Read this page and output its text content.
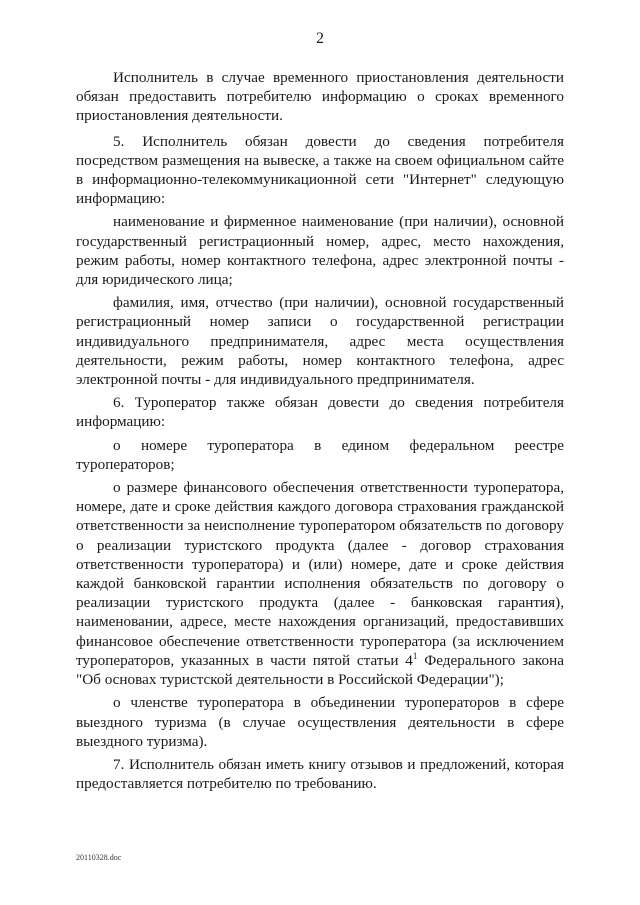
2

Исполнитель в случае временного приостановления деятельности обязан предоставить потребителю информацию о сроках временного приостановления деятельности.

5. Исполнитель обязан довести до сведения потребителя посредством размещения на вывеске, а также на своем официальном сайте в информационно-телекоммуникационной сети "Интернет" следующую информацию:

наименование и фирменное наименование (при наличии), основной государственный регистрационный номер, адрес, место нахождения, режим работы, номер контактного телефона, адрес электронной почты - для юридического лица;

фамилия, имя, отчество (при наличии), основной государственный регистрационный номер записи о государственной регистрации индивидуального предпринимателя, адрес места осуществления деятельности, режим работы, номер контактного телефона, адрес электронной почты - для индивидуального предпринимателя.

6. Туроператор также обязан довести до сведения потребителя информацию:

о номере туроператора в едином федеральном реестре туроператоров;

о размере финансового обеспечения ответственности туроператора, номере, дате и сроке действия каждого договора страхования гражданской ответственности за неисполнение туроператором обязательств по договору о реализации туристского продукта (далее - договор страхования ответственности туроператора) и (или) номере, дате и сроке действия каждой банковской гарантии исполнения обязательств по договору о реализации туристского продукта (далее - банковская гарантия), наименовании, адресе, месте нахождения организаций, предоставивших финансовое обеспечение ответственности туроператора (за исключением туроператоров, указанных в части пятой статьи $4^1$ Федерального закона "Об основах туристской деятельности в Российской Федерации");

о членстве туроператора в объединении туроператоров в сфере выездного туризма (в случае осуществления деятельности в сфере выездного туризма).

7. Исполнитель обязан иметь книгу отзывов и предложений, которая предоставляется потребителю по требованию.

20110328.doc
